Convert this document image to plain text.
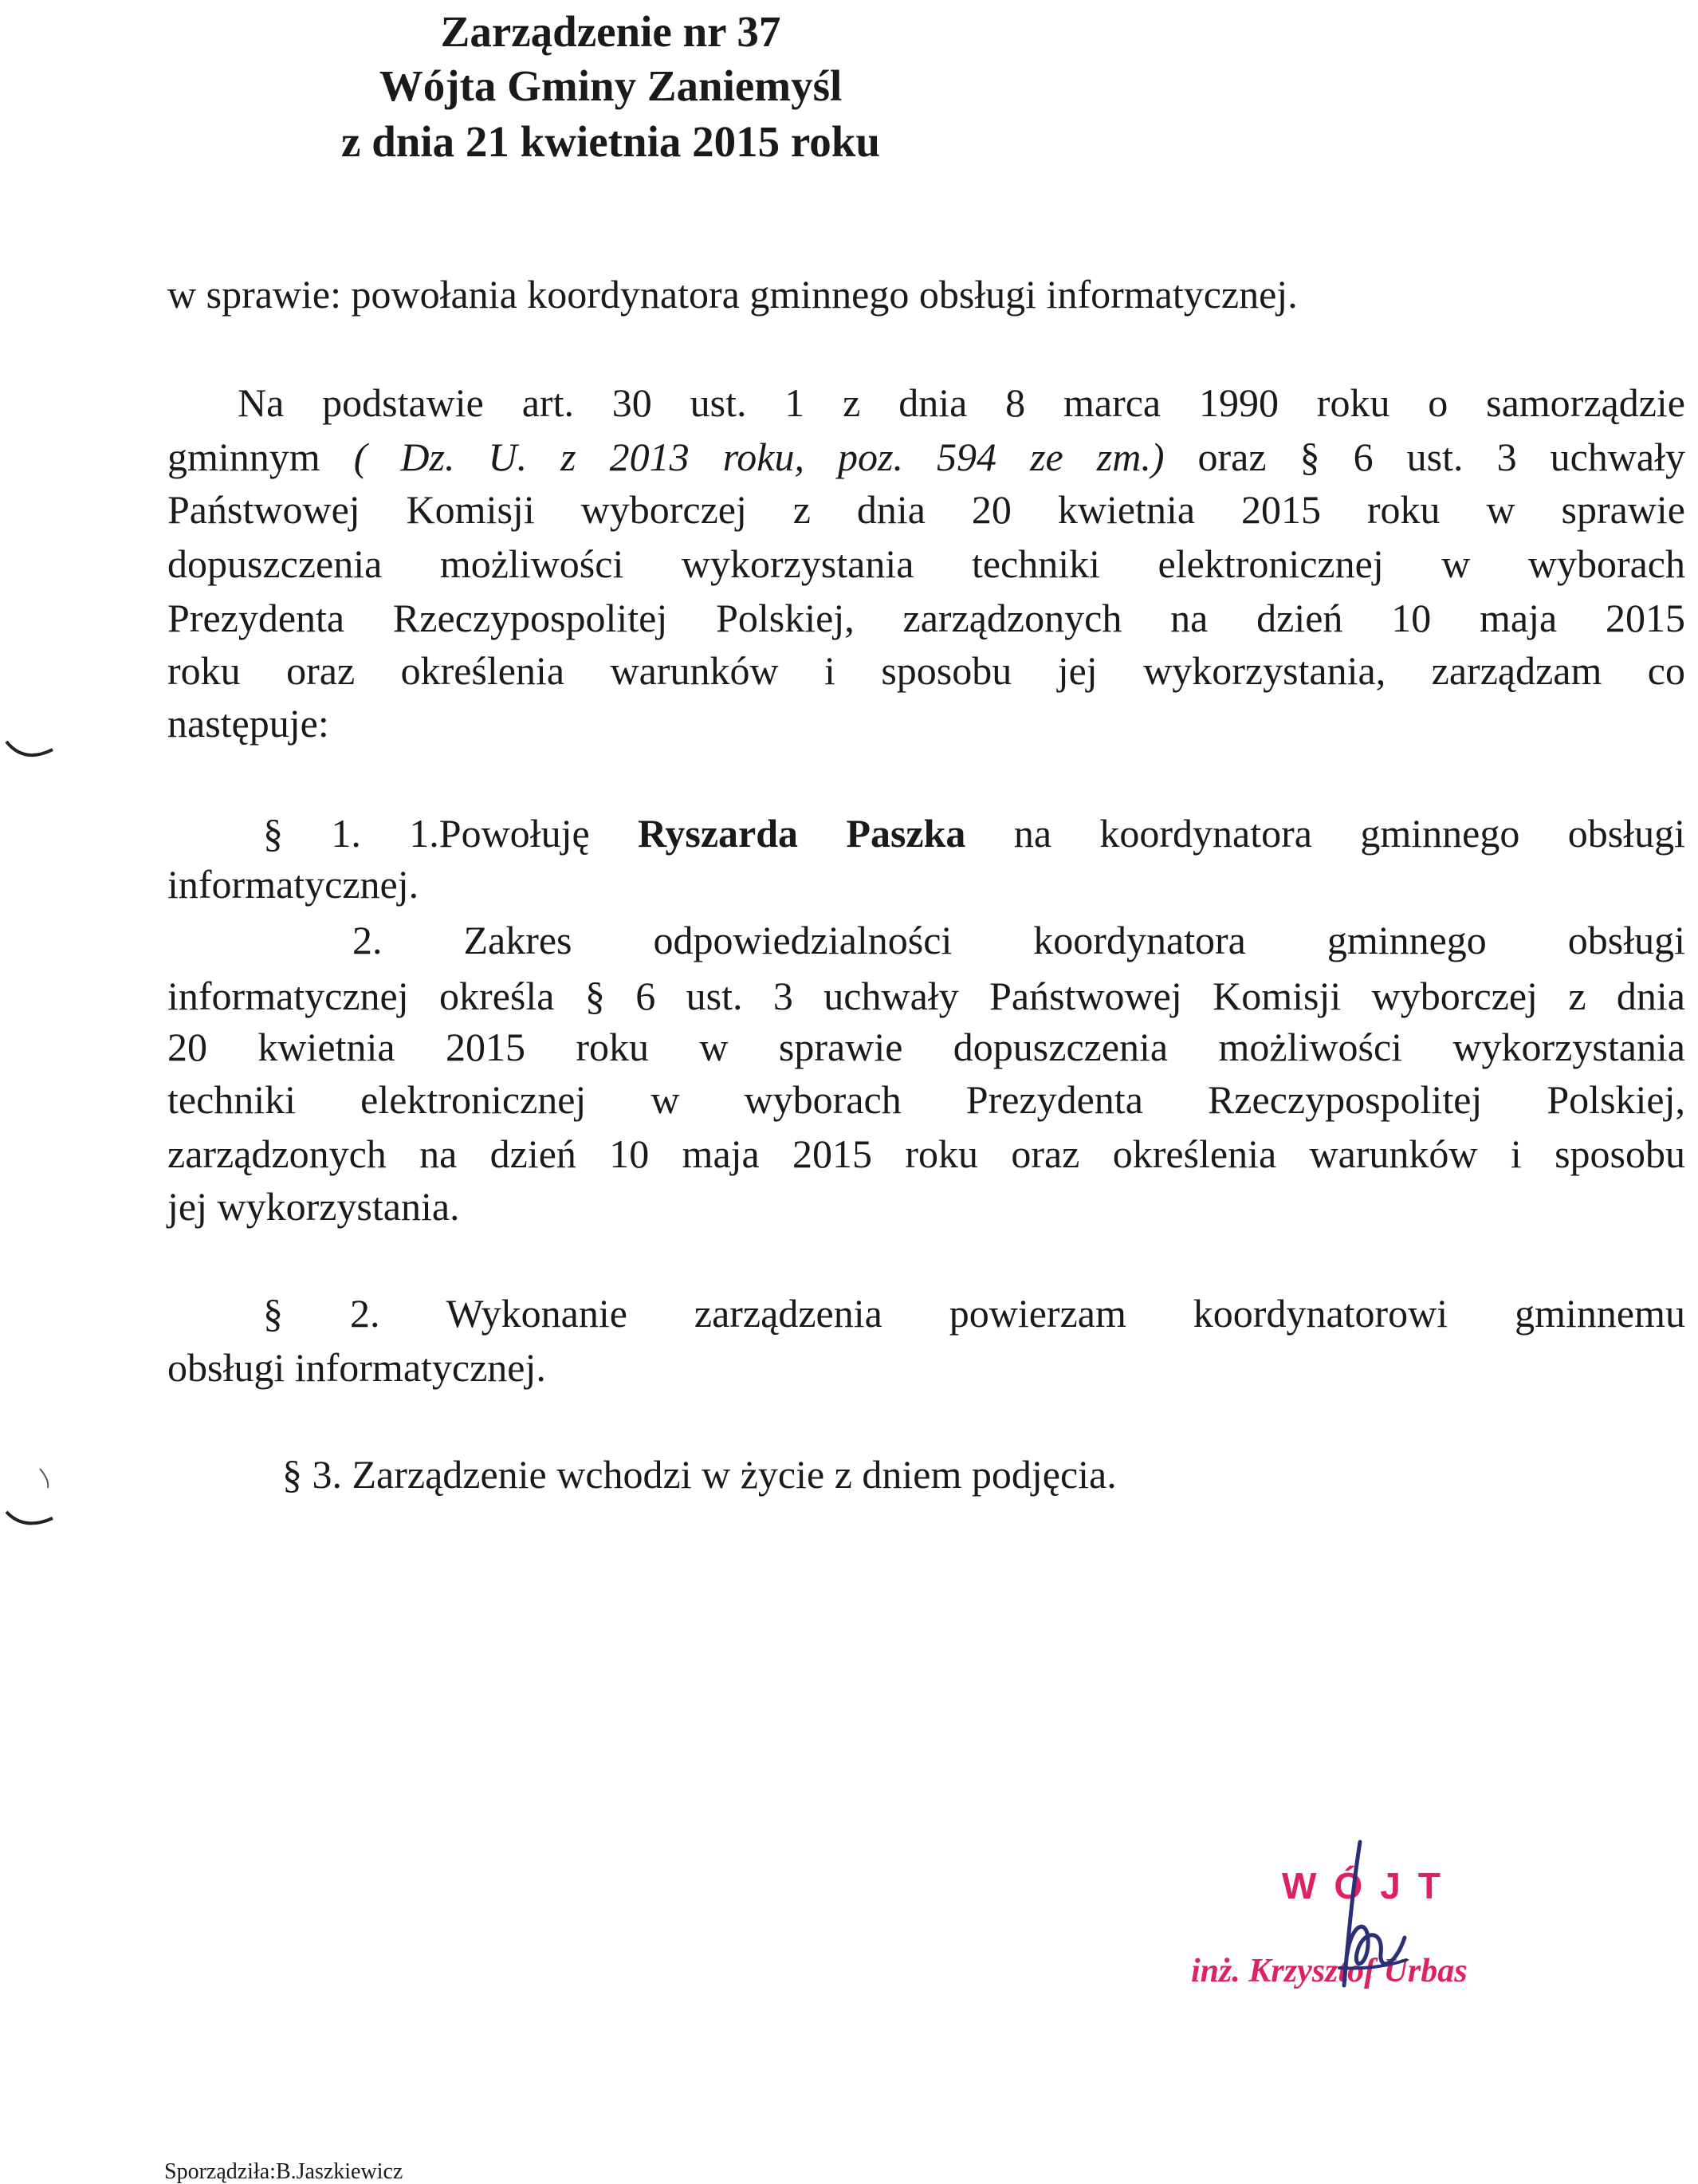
Zarządzenie nr 37
Wójta Gminy Zaniemyśl
z dnia 21 kwietnia 2015 roku
w sprawie: powołania koordynatora gminnego obsługi informatycznej.
Na podstawie art. 30 ust. 1 z dnia 8 marca 1990 roku o samorządzie
gminnym ( Dz. U. z 2013 roku, poz. 594 ze zm.) oraz § 6 ust. 3 uchwały
Państwowej Komisji wyborczej z dnia 20 kwietnia 2015 roku w sprawie
dopuszczenia możliwości wykorzystania techniki elektronicznej w wyborach
Prezydenta Rzeczypospolitej Polskiej, zarządzonych na dzień 10 maja 2015
roku oraz określenia warunków i sposobu jej wykorzystania, zarządzam co
następuje:
§ 1. 1.Powołuję Ryszarda Paszka na koordynatora gminnego obsługi
informatycznej.
2. Zakres odpowiedzialności koordynatora gminnego obsługi
informatycznej określa § 6 ust. 3 uchwały Państwowej Komisji wyborczej z dnia
20 kwietnia 2015 roku w sprawie dopuszczenia możliwości wykorzystania
techniki elektronicznej w wyborach Prezydenta Rzeczypospolitej Polskiej,
zarządzonych na dzień 10 maja 2015 roku oraz określenia warunków i sposobu
jej wykorzystania.
§ 2. Wykonanie zarządzenia powierzam koordynatorowi gminnemu
obsługi informatycznej.
§ 3. Zarządzenie wchodzi w życie z dniem podjęcia.
WÓJT
inż. Krzysztof Urbas
Sporządziła:B.Jaszkiewicz
